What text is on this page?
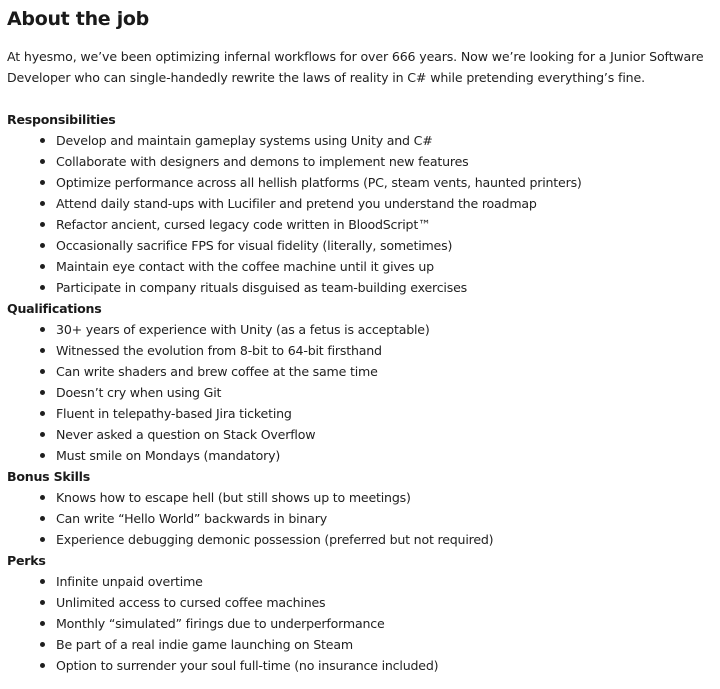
About the job

At hyesmo, we’ve been optimizing infernal workflows for over 666 years. Now we’re looking for a Junior Software Developer who can single-handedly rewrite the laws of reality in C# while pretending everything’s fine.

Responsibilities
Develop and maintain gameplay systems using Unity and C#
Collaborate with designers and demons to implement new features
Optimize performance across all hellish platforms (PC, steam vents, haunted printers)
Attend daily stand-ups with Lucifiler and pretend you understand the roadmap
Refactor ancient, cursed legacy code written in BloodScript™
Occasionally sacrifice FPS for visual fidelity (literally, sometimes)
Maintain eye contact with the coffee machine until it gives up
Participate in company rituals disguised as team-building exercises
Qualifications
30+ years of experience with Unity (as a fetus is acceptable)
Witnessed the evolution from 8-bit to 64-bit firsthand
Can write shaders and brew coffee at the same time
Doesn’t cry when using Git
Fluent in telepathy-based Jira ticketing
Never asked a question on Stack Overflow
Must smile on Mondays (mandatory)
Bonus Skills
Knows how to escape hell (but still shows up to meetings)
Can write “Hello World” backwards in binary
Experience debugging demonic possession (preferred but not required)
Perks
Infinite unpaid overtime
Unlimited access to cursed coffee machines
Monthly “simulated” firings due to underperformance
Be part of a real indie game launching on Steam
Option to surrender your soul full-time (no insurance included)
